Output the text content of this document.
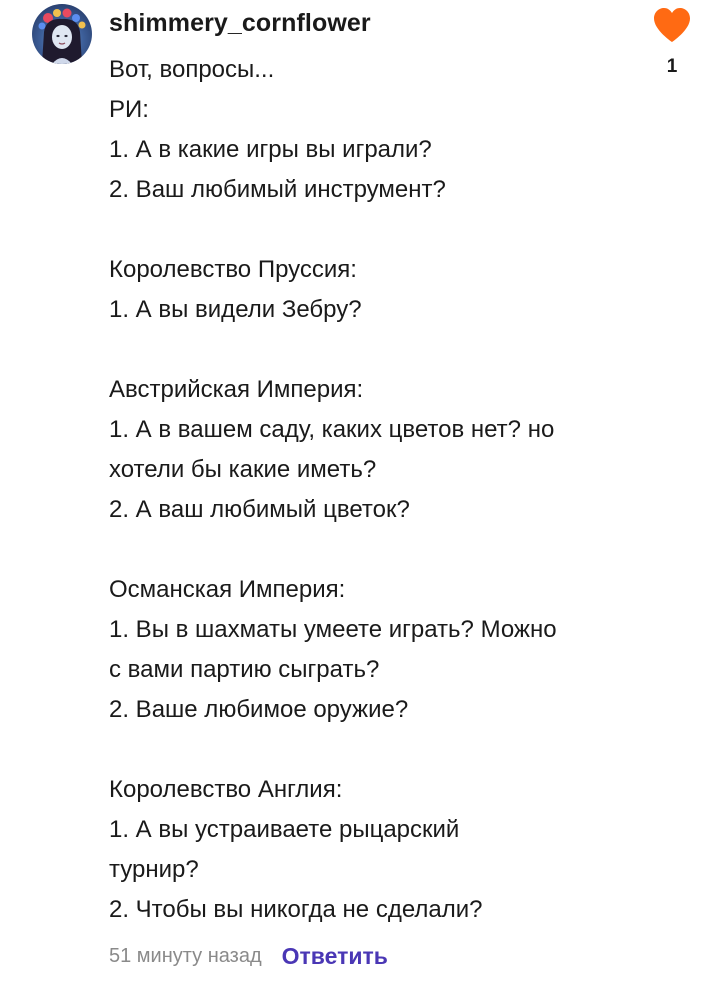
shimmery_cornflower
1
Вот, вопросы...
РИ:
1. А в какие игры вы играли?
2. Ваш любимый инструмент?
Королевство Пруссия:
1. А вы видели Зебру?
Австрийская Империя:
1. А в вашем саду, каких цветов нет? но
хотели бы какие иметь?
2. А ваш любимый цветок?
Османская Империя:
1. Вы в шахматы умеете играть? Можно
с вами партию сыграть?
2. Ваше любимое оружие?
Королевство Англия:
1. А вы устраиваете рыцарский
турнир?
2. Чтобы вы никогда не сделали?
51 минуту назад Ответить
